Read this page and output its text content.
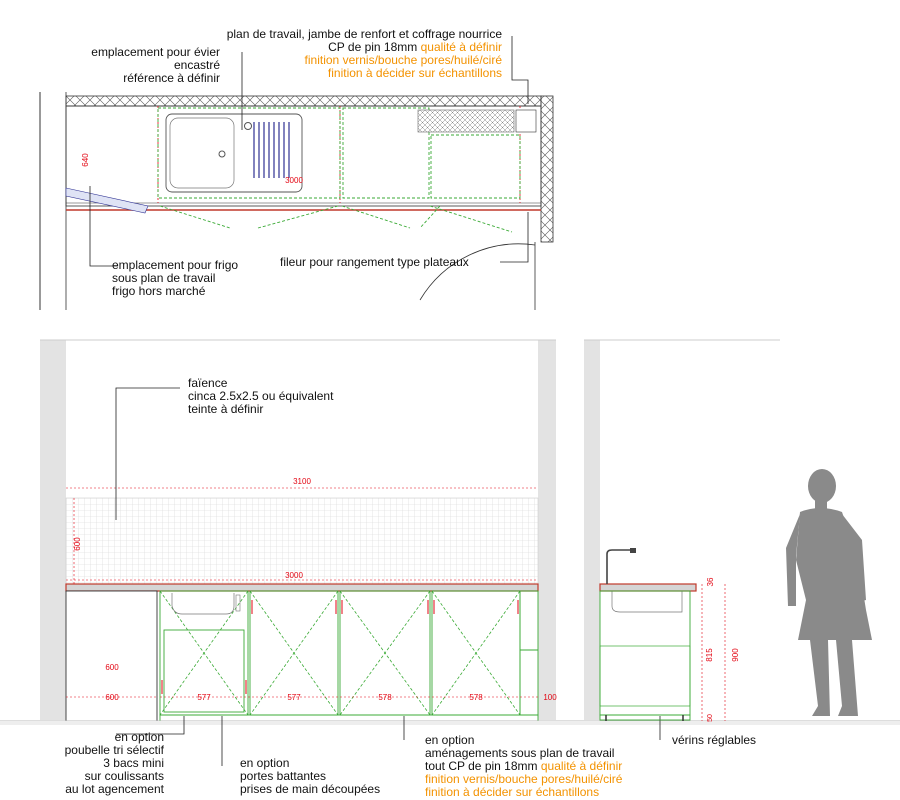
640
3000
3100
600
3000
600
600	577	577	578	578	100
36
815 900
50
plan de travail, jambe de renfort et coffrage nourrice
CP de pin 18mm qualité à définir
finition vernis/bouche pores/huilé/ciré
finition à décider sur échantillons
emplacement pour évier
encastré
référence à définir
emplacement pour frigo
sous plan de travail
frigo hors marché
fileur pour rangement type plateaux
faïence
cinca 2.5x2.5 ou équivalent
teinte à définir
en option
poubelle tri sélectif
3 bacs mini
sur coulissants
au lot agencement
en option
portes battantes
prises de main découpées
en option
aménagements sous plan de travail
tout CP de pin 18mm qualité à définir
finition vernis/bouche pores/huilé/ciré
finition à décider sur échantillons
vérins réglables
